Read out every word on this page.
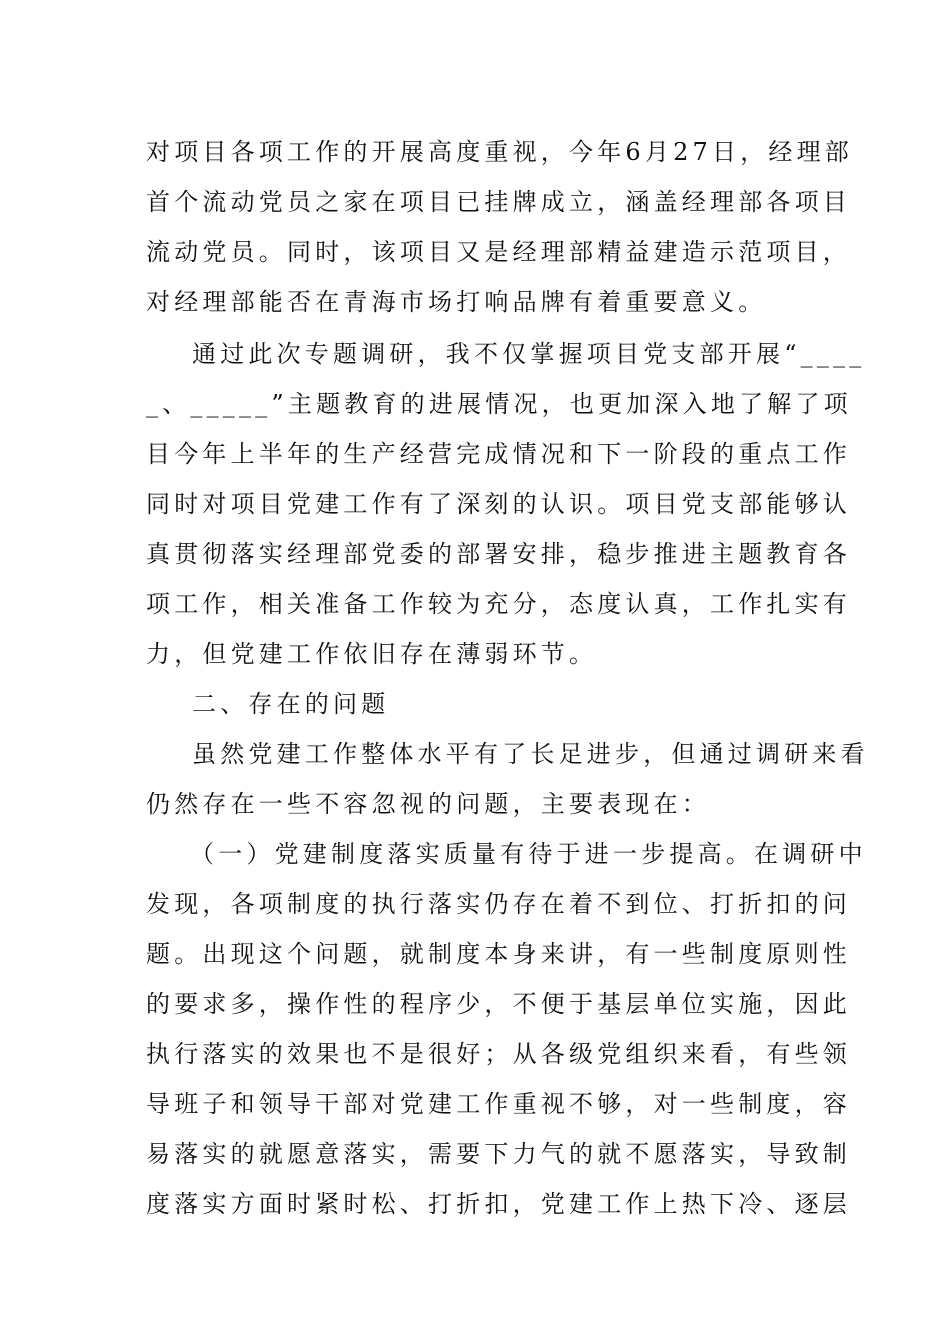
对项目各项工作的开展高度重视，今年6月27日，经理部
首个流动党员之家在项目已挂牌成立，涵盖经理部各项目
流动党员。同时，该项目又是经理部精益建造示范项目，
对经理部能否在青海市场打响品牌有着重要意义。
通过此次专题调研，我不仅掌握项目党支部开展“____
_、_____”主题教育的进展情况，也更加深入地了解了项
目今年上半年的生产经营完成情况和下一阶段的重点工作
同时对项目党建工作有了深刻的认识。项目党支部能够认
真贯彻落实经理部党委的部署安排，稳步推进主题教育各
项工作，相关准备工作较为充分，态度认真，工作扎实有
力，但党建工作依旧存在薄弱环节。
二、存在的问题
虽然党建工作整体水平有了长足进步，但通过调研来看
仍然存在一些不容忽视的问题，主要表现在：
（一）党建制度落实质量有待于进一步提高。在调研中
发现，各项制度的执行落实仍存在着不到位、打折扣的问
题。出现这个问题，就制度本身来讲，有一些制度原则性
的要求多，操作性的程序少，不便于基层单位实施，因此
执行落实的效果也不是很好；从各级党组织来看，有些领
导班子和领导干部对党建工作重视不够，对一些制度，容
易落实的就愿意落实，需要下力气的就不愿落实，导致制
度落实方面时紧时松、打折扣，党建工作上热下冷、逐层
